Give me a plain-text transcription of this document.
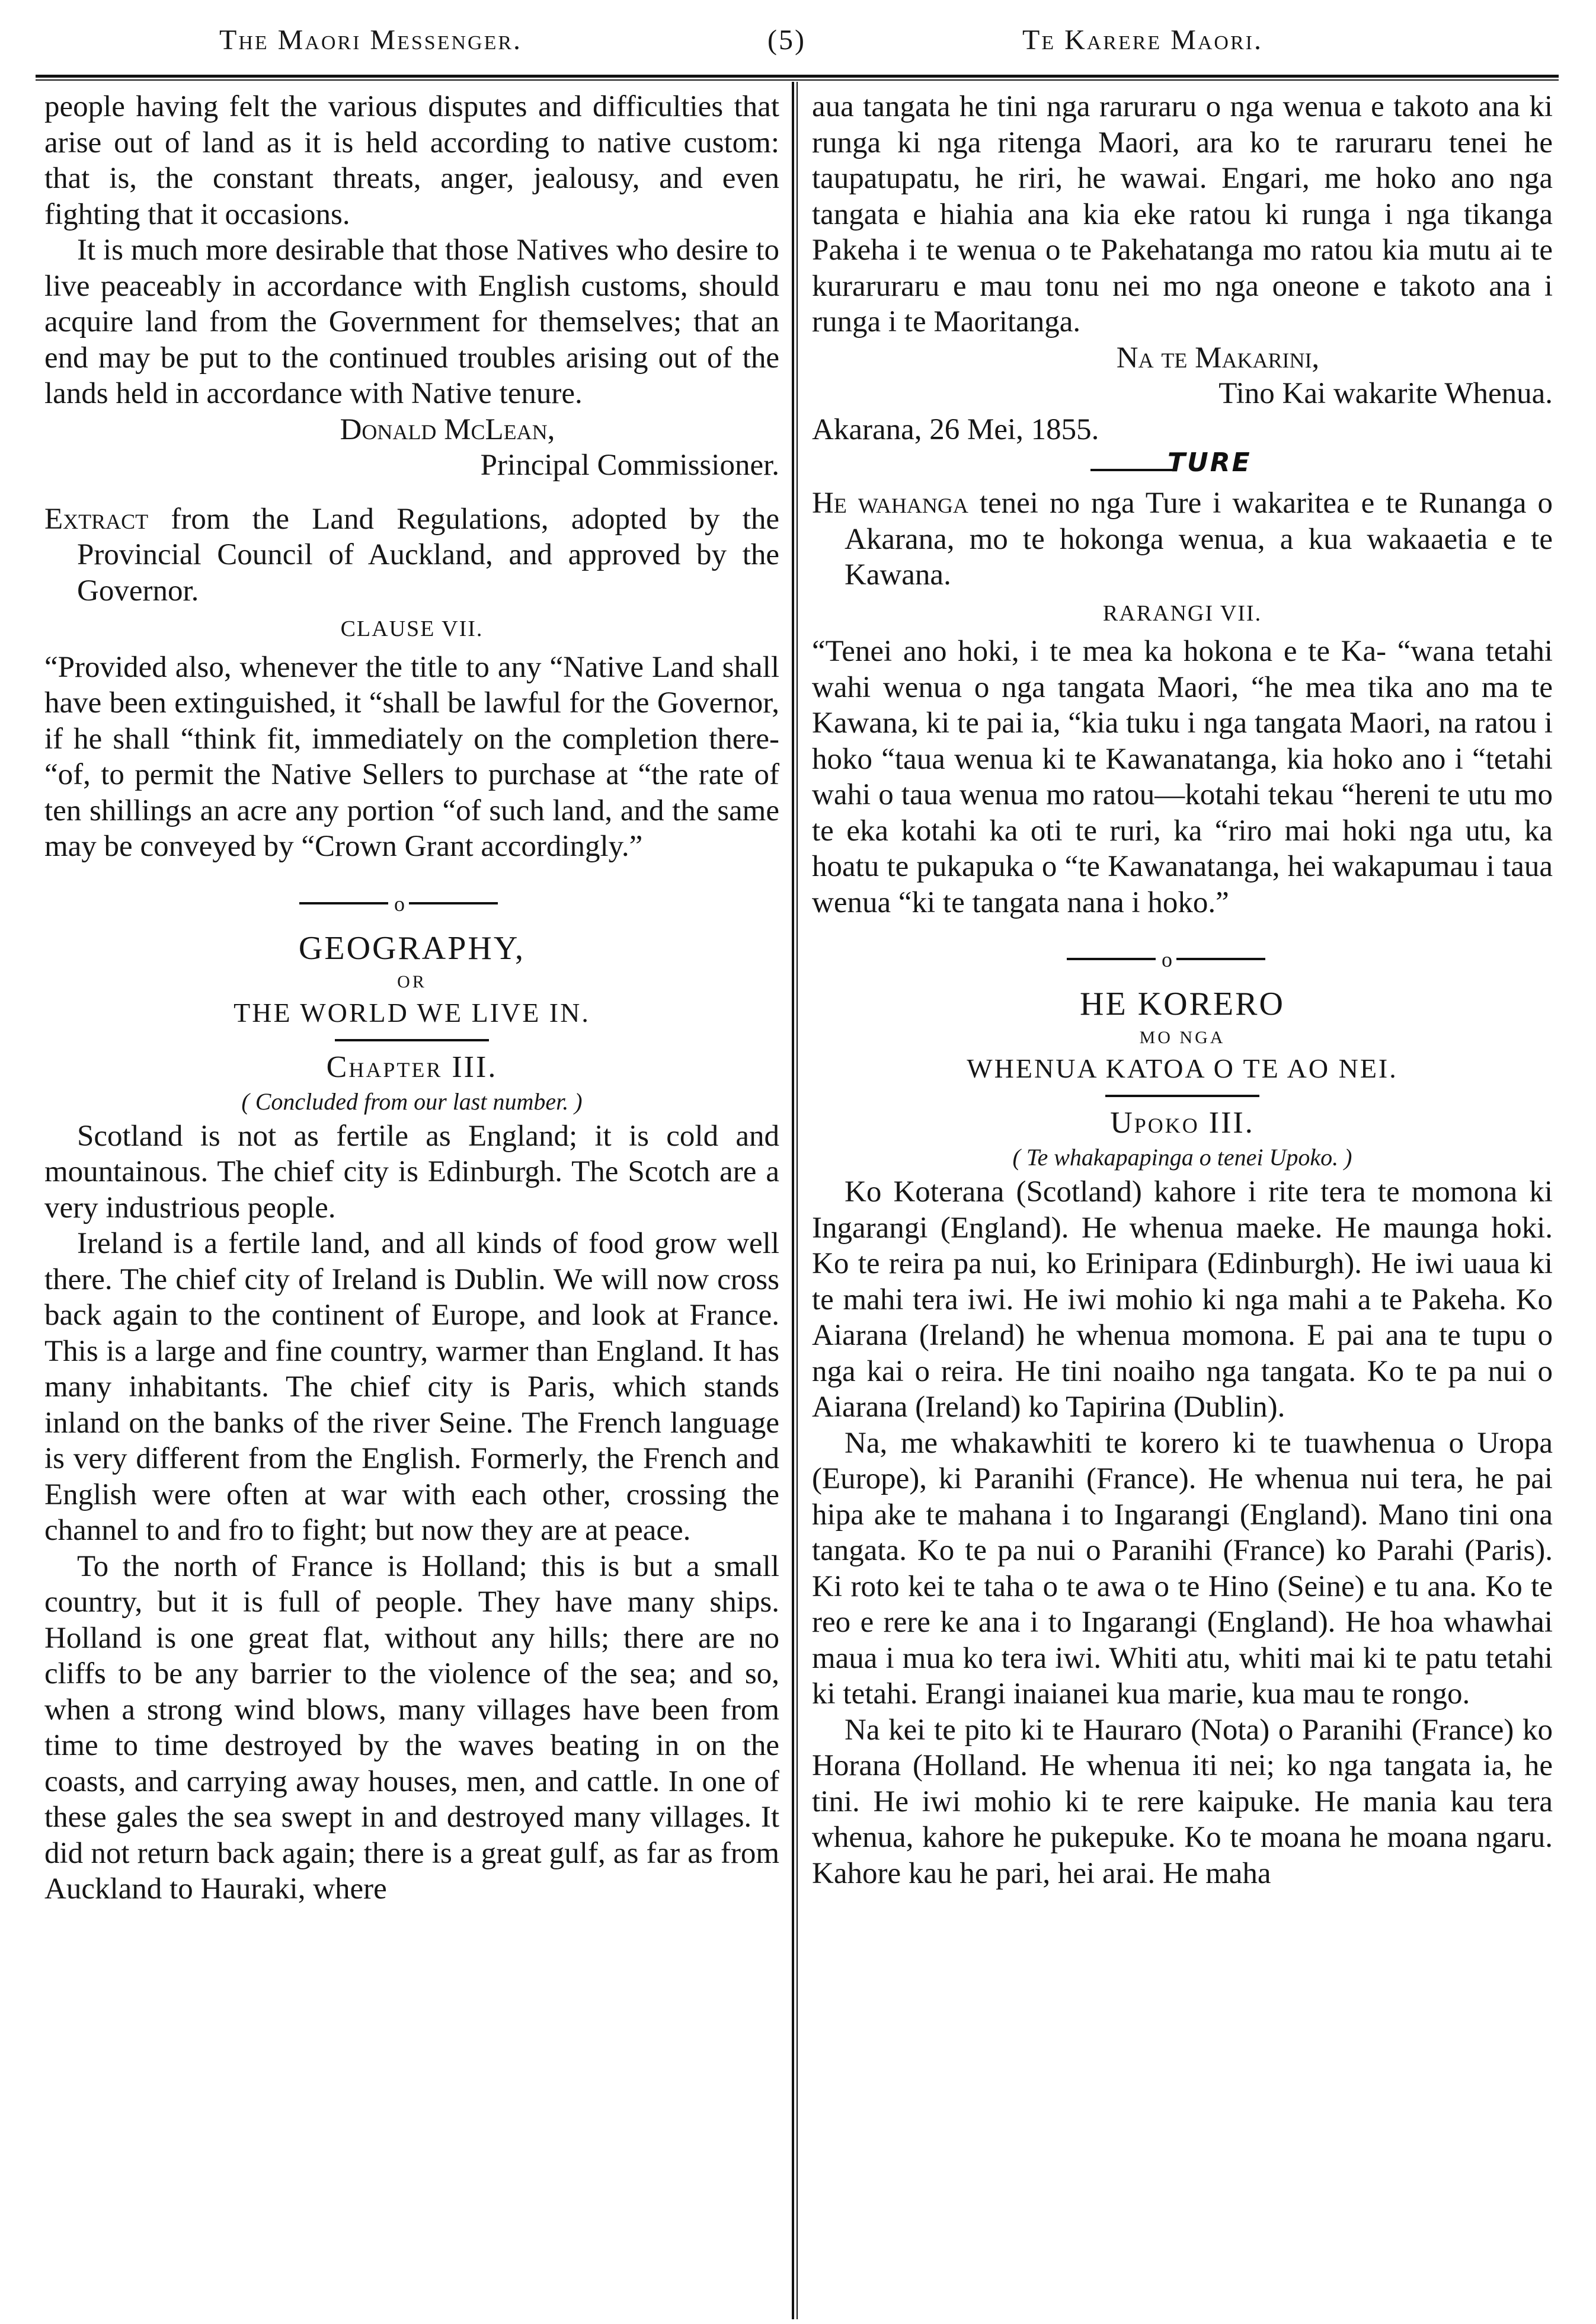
The Maori Messenger.	(5)	Te Karere Maori.

people having felt the various disputes and difficulties that arise out of land as it is held according to native custom: that is, the constant threats, anger, jealousy, and even fighting that it occasions.

It is much more desirable that those Natives who desire to live peaceably in accordance with English customs, should acquire land from the Government for themselves; that an end may be put to the continued troubles arising out of the lands held in accordance with Native tenure.

Donald McLean,

Principal Commissioner.

Extract from the Land Regulations, adopted by the Provincial Council of Auckland, and approved by the Governor.

CLAUSE VII.

“Provided also, whenever the title to any “Native Land shall have been extinguished, it “shall be lawful for the Governor, if he shall “think fit, immediately on the completion there- “of, to permit the Native Sellers to purchase at “the rate of ten shillings an acre any portion “of such land, and the same may be conveyed by “Crown Grant accordingly.”

o

GEOGRAPHY,

OR

THE WORLD WE LIVE IN.

Chapter III.

( Concluded from our last number. )

Scotland is not as fertile as England; it is cold and mountainous. The chief city is Edinburgh. The Scotch are a very industrious people.

Ireland is a fertile land, and all kinds of food grow well there. The chief city of Ireland is Dublin. We will now cross back again to the continent of Europe, and look at France. This is a large and fine country, warmer than England. It has many inhabitants. The chief city is Paris, which stands inland on the banks of the river Seine. The French language is very different from the English. Formerly, the French and English were often at war with each other, crossing the channel to and fro to fight; but now they are at peace.

To the north of France is Holland; this is but a small country, but it is full of people. They have many ships. Holland is one great flat, without any hills; there are no cliffs to be any barrier to the violence of the sea; and so, when a strong wind blows, many villages have been from time to time destroyed by the waves beating in on the coasts, and carrying away houses, men, and cattle. In one of these gales the sea swept in and destroyed many villages. It did not return back again; there is a great gulf, as far as from Auckland to Hauraki, where

aua tangata he tini nga raruraru o nga wenua e takoto ana ki runga ki nga ritenga Maori, ara ko te raruraru tenei he taupatupatu, he riri, he wawai. Engari, me hoko ano nga tangata e hiahia ana kia eke ratou ki runga i nga tikanga Pakeha i te wenua o te Pakehatanga mo ratou kia mutu ai te kuraruraru e mau tonu nei mo nga oneone e takoto ana i runga i te Maoritanga.

Na te Makarini,

Tino Kai wakarite Whenua.

Akarana, 26 Mei, 1855.

TURE

He wahanga tenei no nga Ture i wakaritea e te Runanga o Akarana, mo te hokonga wenua, a kua wakaaetia e te Kawana.

RARANGI VII.

“Tenei ano hoki, i te mea ka hokona e te Ka- “wana tetahi wahi wenua o nga tangata Maori, “he mea tika ano ma te Kawana, ki te pai ia, “kia tuku i nga tangata Maori, na ratou i hoko “taua wenua ki te Kawanatanga, kia hoko ano i “tetahi wahi o taua wenua mo ratou—kotahi tekau “hereni te utu mo te eka kotahi ka oti te ruri, ka “riro mai hoki nga utu, ka hoatu te pukapuka o “te Kawanatanga, hei wakapumau i taua wenua “ki te tangata nana i hoko.”

o

HE KORERO

MO NGA

WHENUA KATOA O TE AO NEI.

Upoko III.

( Te whakapapinga o tenei Upoko. )

Ko Koterana (Scotland) kahore i rite tera te momona ki Ingarangi (England). He whenua maeke. He maunga hoki. Ko te reira pa nui, ko Erinipara (Edinburgh). He iwi uaua ki te mahi tera iwi. He iwi mohio ki nga mahi a te Pakeha. Ko Aiarana (Ireland) he whenua momona. E pai ana te tupu o nga kai o reira. He tini noaiho nga tangata. Ko te pa nui o Aiarana (Ireland) ko Tapirina (Dublin).

Na, me whakawhiti te korero ki te tuawhenua o Uropa (Europe), ki Paranihi (France). He whenua nui tera, he pai hipa ake te mahana i to Ingarangi (England). Mano tini ona tangata. Ko te pa nui o Paranihi (France) ko Parahi (Paris). Ki roto kei te taha o te awa o te Hino (Seine) e tu ana. Ko te reo e rere ke ana i to Ingarangi (England). He hoa whawhai maua i mua ko tera iwi. Whiti atu, whiti mai ki te patu tetahi ki tetahi. Erangi inaianei kua marie, kua mau te rongo.

Na kei te pito ki te Hauraro (Nota) o Paranihi (France) ko Horana (Holland. He whenua iti nei; ko nga tangata ia, he tini. He iwi mohio ki te rere kaipuke. He mania kau tera whenua, kahore he pukepuke. Ko te moana he moana ngaru. Kahore kau he pari, hei arai. He maha
